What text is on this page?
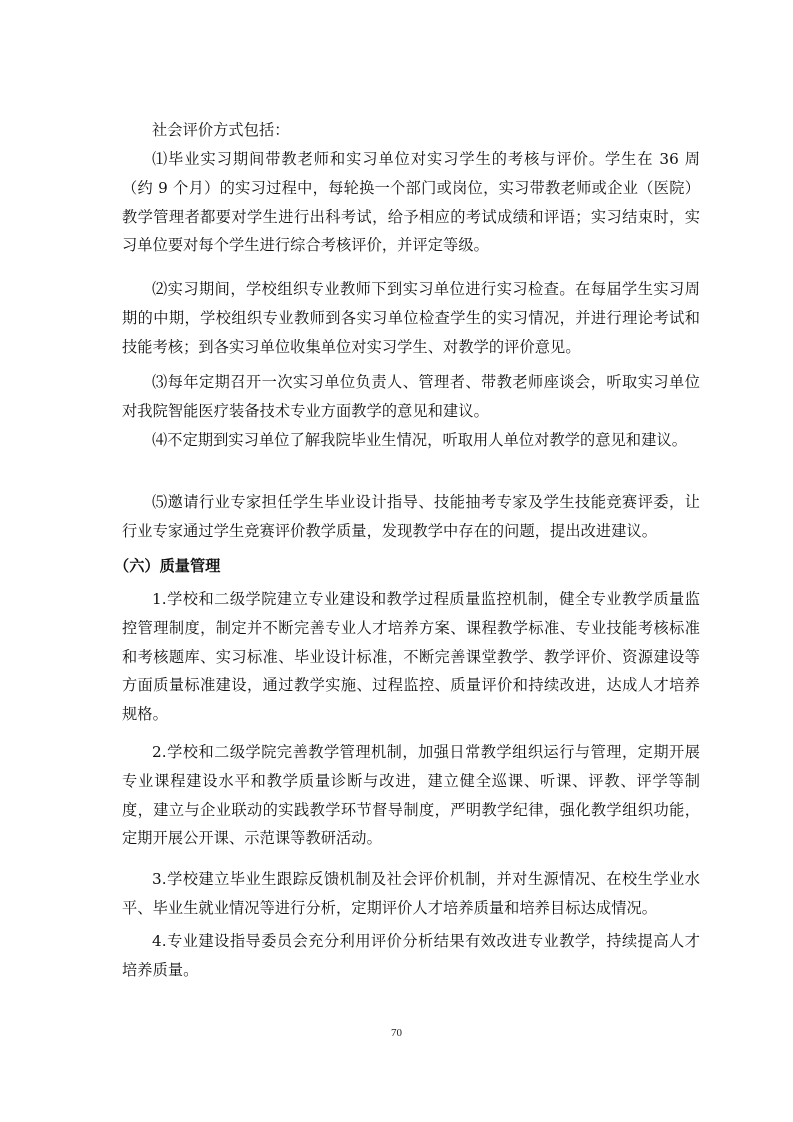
社会评价方式包括：
⑴毕业实习期间带教老师和实习单位对实习学生的考核与评价。学生在 36 周（约 9 个月）的实习过程中，每轮换一个部门或岗位，实习带教老师或企业（医院）教学管理者都要对学生进行出科考试，给予相应的考试成绩和评语；实习结束时，实习单位要对每个学生进行综合考核评价，并评定等级。
⑵实习期间，学校组织专业教师下到实习单位进行实习检查。在每届学生实习周期的中期，学校组织专业教师到各实习单位检查学生的实习情况，并进行理论考试和技能考核；到各实习单位收集单位对实习学生、对教学的评价意见。
⑶每年定期召开一次实习单位负责人、管理者、带教老师座谈会，听取实习单位对我院智能医疗装备技术专业方面教学的意见和建议。
⑷不定期到实习单位了解我院毕业生情况，听取用人单位对教学的意见和建议。
⑸邀请行业专家担任学生毕业设计指导、技能抽考专家及学生技能竞赛评委，让行业专家通过学生竞赛评价教学质量，发现教学中存在的问题，提出改进建议。
（六）质量管理
1.学校和二级学院建立专业建设和教学过程质量监控机制，健全专业教学质量监控管理制度，制定并不断完善专业人才培养方案、课程教学标准、专业技能考核标准和考核题库、实习标准、毕业设计标准，不断完善课堂教学、教学评价、资源建设等方面质量标准建设，通过教学实施、过程监控、质量评价和持续改进，达成人才培养规格。
2.学校和二级学院完善教学管理机制，加强日常教学组织运行与管理，定期开展专业课程建设水平和教学质量诊断与改进，建立健全巡课、听课、评教、评学等制度，建立与企业联动的实践教学环节督导制度，严明教学纪律，强化教学组织功能，定期开展公开课、示范课等教研活动。
3.学校建立毕业生跟踪反馈机制及社会评价机制，并对生源情况、在校生学业水平、毕业生就业情况等进行分析，定期评价人才培养质量和培养目标达成情况。
4.专业建设指导委员会充分利用评价分析结果有效改进专业教学，持续提高人才培养质量。
70
